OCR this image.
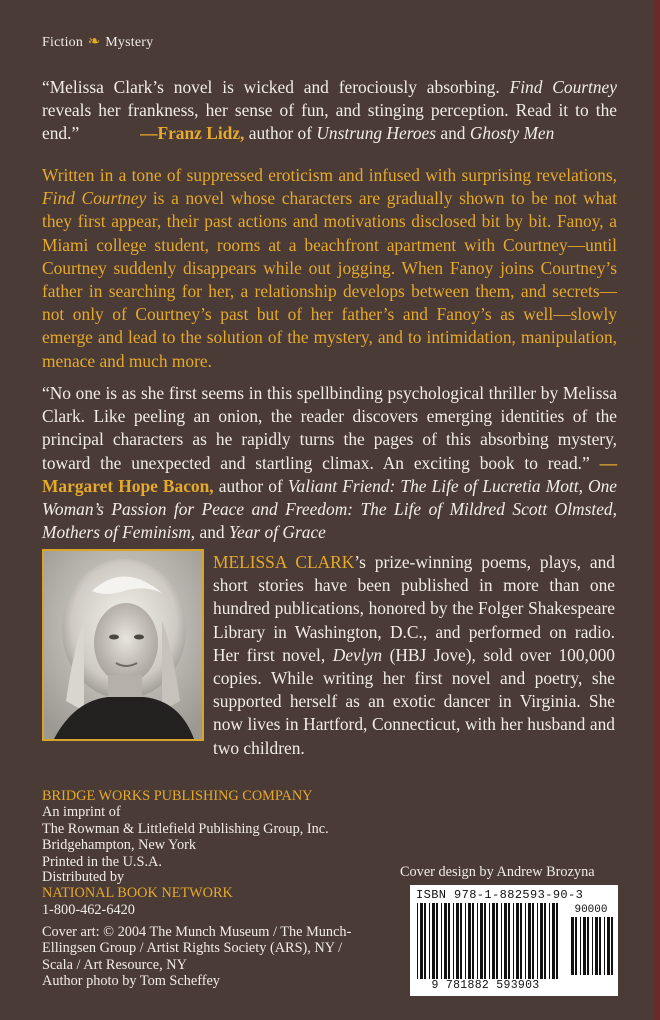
Fiction ❧ Mystery
“Melissa Clark’s novel is wicked and ferociously absorbing. Find Courtney reveals her frankness, her sense of fun, and stinging perception. Read it to the end.”	—Franz Lidz, author of Unstrung Heroes and Ghosty Men
Written in a tone of suppressed eroticism and infused with surprising revelations, Find Courtney is a novel whose characters are gradually shown to be not what they first appear, their past actions and motivations disclosed bit by bit. Fanoy, a Miami college student, rooms at a beachfront apartment with Courtney—until Courtney suddenly disappears while out jogging. When Fanoy joins Courtney’s father in searching for her, a relationship develops between them, and secrets—not only of Courtney’s past but of her father’s and Fanoy’s as well—slowly emerge and lead to the solution of the mystery, and to intimidation, manipulation, menace and much more.
“No one is as she first seems in this spellbinding psychological thriller by Melissa Clark. Like peeling an onion, the reader discovers emerging identities of the principal characters as he rapidly turns the pages of this absorbing mystery, toward the unexpected and startling climax. An exciting book to read.” —Margaret Hope Bacon, author of Valiant Friend: The Life of Lucretia Mott, One Woman’s Passion for Peace and Freedom: The Life of Mildred Scott Olmsted, Mothers of Feminism, and Year of Grace
MELISSA CLARK’s prize-winning poems, plays, and short stories have been published in more than one hundred publications, honored by the Folger Shakespeare Library in Washington, D.C., and performed on radio. Her first novel, Devlyn (HBJ Jove), sold over 100,000 copies. While writing her first novel and poetry, she supported herself as an exotic dancer in Virginia. She now lives in Hartford, Connecticut, with her husband and two children.
BRIDGE WORKS PUBLISHING COMPANY
An imprint of
The Rowman & Littlefield Publishing Group, Inc.
Bridgehampton, New York
Printed in the U.S.A.
Distributed by
NATIONAL BOOK NETWORK
1-800-462-6420
Cover art: © 2004 The Munch Museum / The Munch-Ellingsen Group / Artist Rights Society (ARS), NY / Scala / Art Resource, NY
Author photo by Tom Scheffey
Cover design by Andrew Brozyna
ISBN 978-1-882593-90-3
9 781882 593903
90000
